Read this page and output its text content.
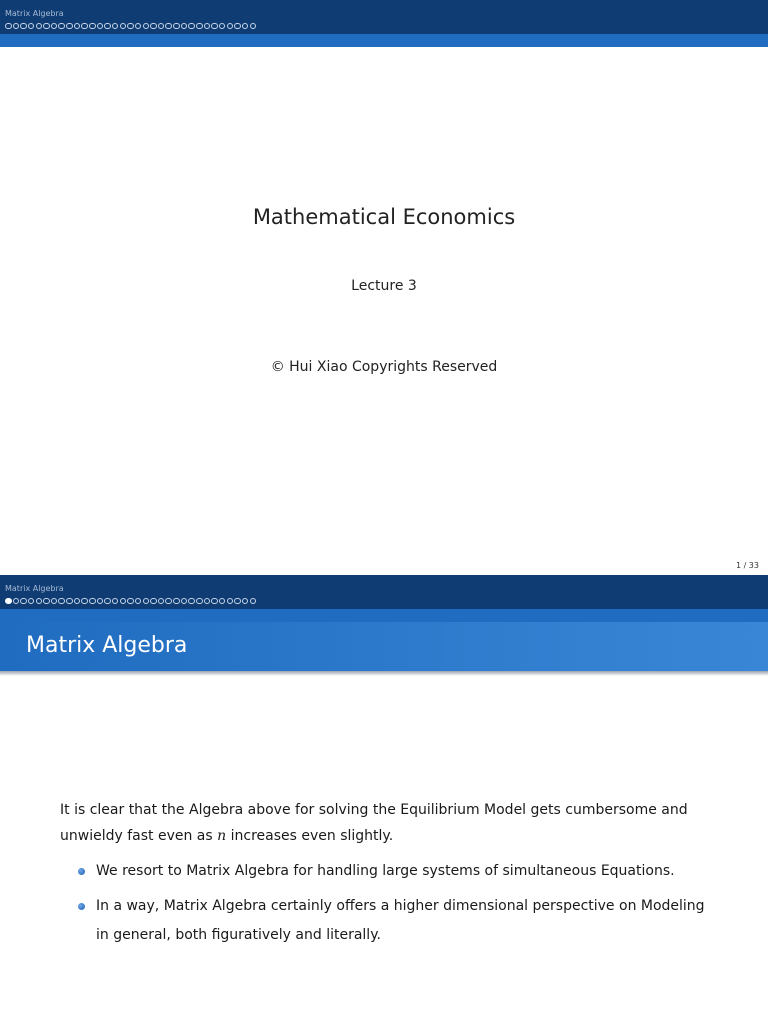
Matrix Algebra
Mathematical Economics
Lecture 3
© Hui Xiao Copyrights Reserved
1 / 33
Matrix Algebra
Matrix Algebra
It is clear that the Algebra above for solving the Equilibrium Model gets cumbersome and unwieldy fast even as n increases even slightly.
We resort to Matrix Algebra for handling large systems of simultaneous Equations.
In a way, Matrix Algebra certainly offers a higher dimensional perspective on Modeling in general, both figuratively and literally.
